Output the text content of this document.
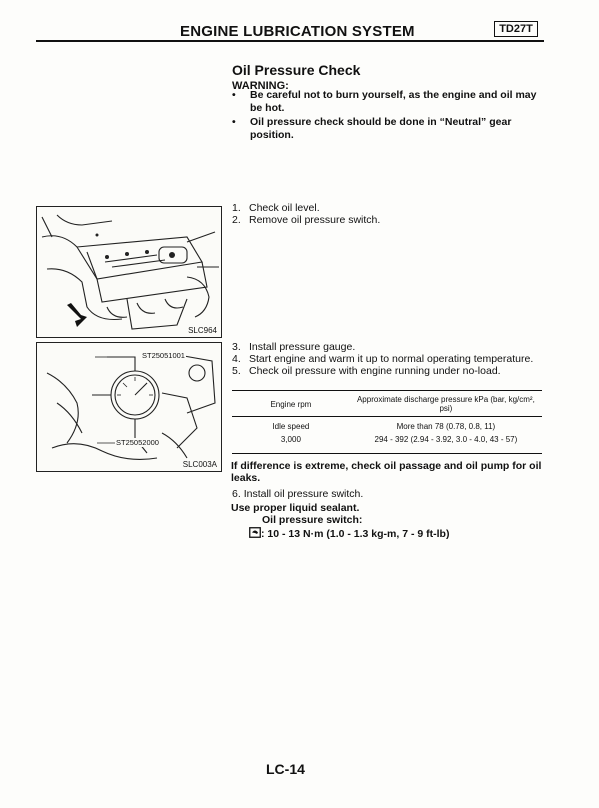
ENGINE LUBRICATION SYSTEM	TD27T
Oil Pressure Check
WARNING:
• Be careful not to burn yourself, as the engine and oil may be hot.
• Oil pressure check should be done in “Neutral” gear position.
SLC964
1. Check oil level.
2. Remove oil pressure switch.
ST25051001
ST25052000
SLC003A
3. Install pressure gauge.
4. Start engine and warm it up to normal operating temperature.
5. Check oil pressure with engine running under no-load.
Engine rpm	Approximate discharge pressure kPa (bar, kg/cm², psi)
Idle speed	More than 78 (0.78, 0.8, 11)
3,000	294 - 392 (2.94 - 3.92, 3.0 - 4.0, 43 - 57)
If difference is extreme, check oil passage and oil pump for oil leaks.
6. Install oil pressure switch.
Use proper liquid sealant.
Oil pressure switch:
: 10 - 13 N·m (1.0 - 1.3 kg-m, 7 - 9 ft-lb)
LC-14
